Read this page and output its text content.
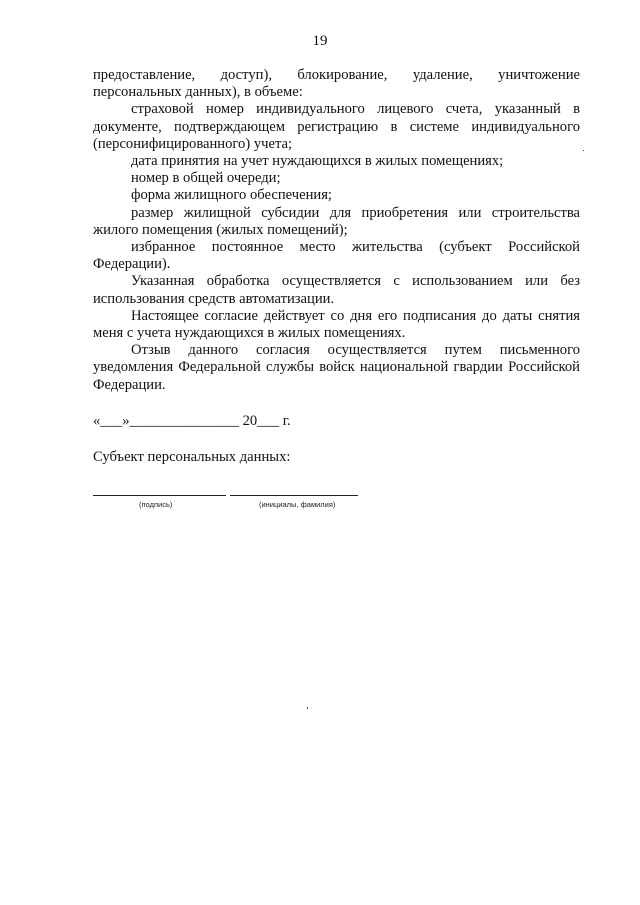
19

предоставление, доступ), блокирование, удаление, уничтожение персональных данных), в объеме:

страховой номер индивидуального лицевого счета, указанный в документе, подтверждающем регистрацию в системе индивидуального (персонифицированного) учета;

дата принятия на учет нуждающихся в жилых помещениях;

номер в общей очереди;

форма жилищного обеспечения;

размер жилищной субсидии для приобретения или строительства жилого помещения (жилых помещений);

избранное постоянное место жительства (субъект Российской Федерации).

Указанная обработка осуществляется с использованием или без использования средств автоматизации.

Настоящее согласие действует со дня его подписания до даты снятия меня с учета нуждающихся в жилых помещениях.

Отзыв данного согласия осуществляется путем письменного уведомления Федеральной службы войск национальной гвардии Российской Федерации.

«___»_______________ 20___ г.
Субъект персональных данных:
(подпись)	(инициалы, фамилия)
